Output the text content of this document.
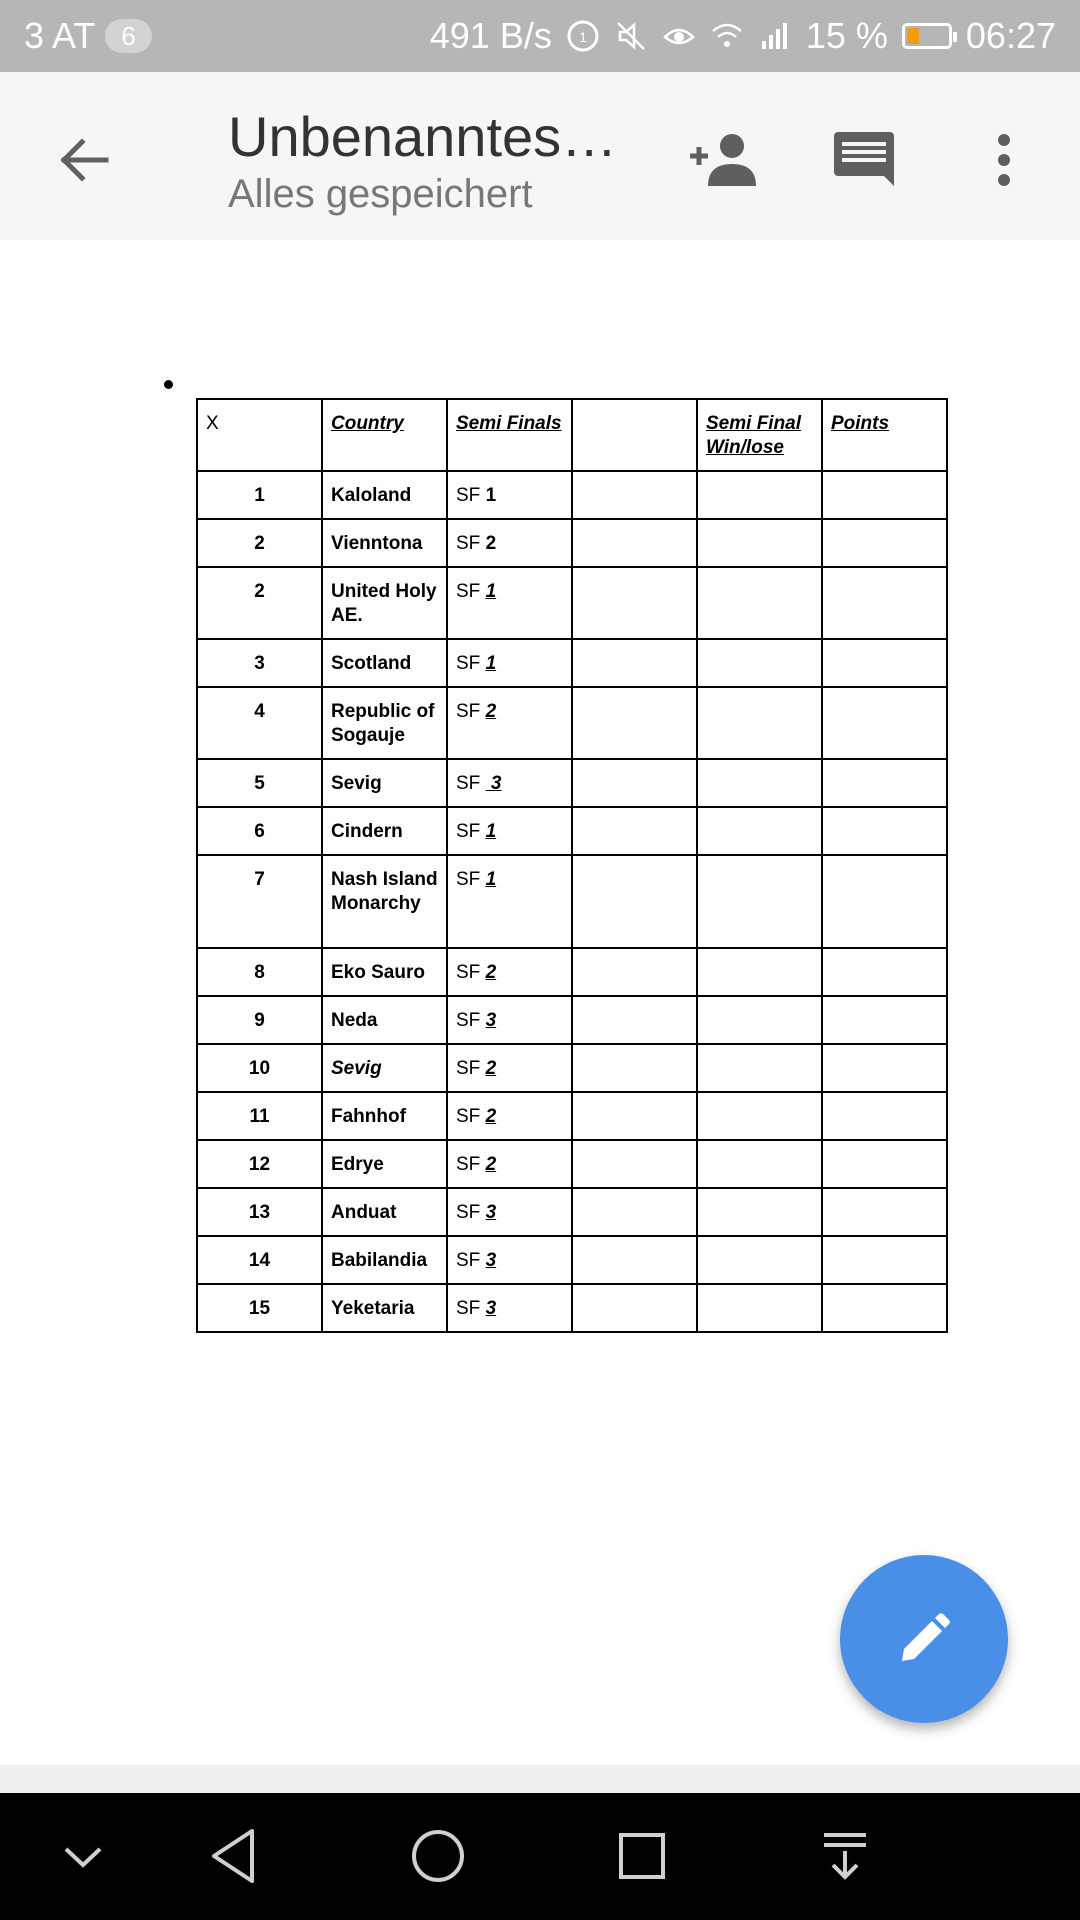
3 AT	6	491 B/s 1	15 % 06:27
Unbenanntes…
Alles gespeichert
X	Country	Semi Finals		Semi Final Win/lose	Points
1	Kaloland	SF 1			
2	Vienntona	SF 2			
2	United Holy AE.	SF 1			
3	Scotland	SF 1			
4	Republic of Sogauje	SF 2			
5	Sevig	SF  3			
6	Cindern	SF 1			
7	Nash Island Monarchy	SF 1			
8	Eko Sauro	SF 2			
9	Neda	SF 3			
10	Sevig	SF 2			
11	Fahnhof	SF 2			
12	Edrye	SF 2			
13	Anduat	SF 3			
14	Babilandia	SF 3			
15	Yeketaria	SF 3			
